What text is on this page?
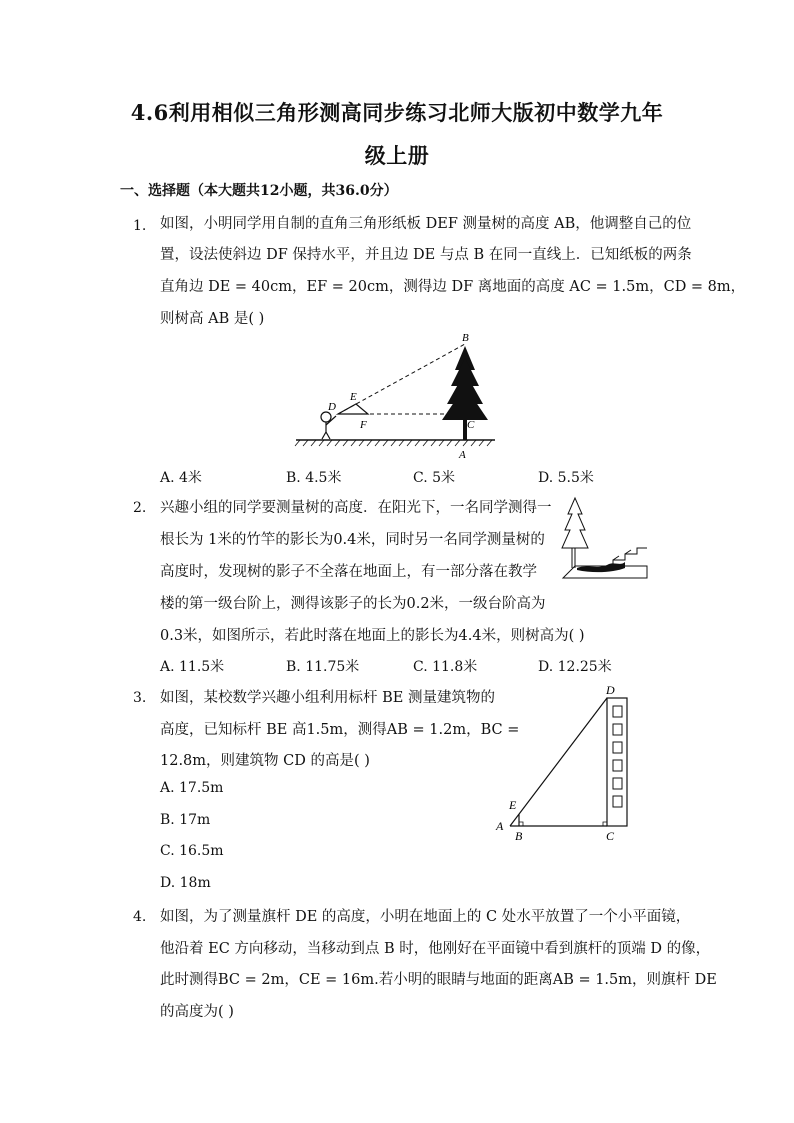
4.6利用相似三角形测高同步练习北师大版初中数学九年
级上册
一、选择题（本大题共12小题，共36.0分）
1. 如图，小明同学用自制的直角三角形纸板 DEF 测量树的高度 AB，他调整自己的位
置，设法使斜边 DF 保持水平，并且边 DE 与点 B 在同一直线上．已知纸板的两条
直角边 DE = 40cm，EF = 20cm，测得边 DF 离地面的高度 AC = 1.5m，CD = 8m，
则树高 AB 是( )
B
E
D
F	C
A
A. 4米	B. 4.5米	C. 5米	D. 5.5米
2. 兴趣小组的同学要测量树的高度．在阳光下，一名同学测得一
根长为 1米的竹竿的影长为0.4米，同时另一名同学测量树的
高度时，发现树的影子不全落在地面上，有一部分落在教学
楼的第一级台阶上，测得该影子的长为0.2米，一级台阶高为
0.3米，如图所示，若此时落在地面上的影长为4.4米，则树高为( )
A. 11.5米	B. 11.75米	C. 11.8米	D. 12.25米
3. 如图，某校数学兴趣小组利用标杆 BE 测量建筑物的
高度，已知标杆 BE 高1.5m，测得AB = 1.2m，BC =
12.8m，则建筑物 CD 的高是( )
D
E
A
B	C
A. 17.5m
B. 17m
C. 16.5m
D. 18m
4. 如图，为了测量旗杆 DE 的高度，小明在地面上的 C 处水平放置了一个小平面镜，
他沿着 EC 方向移动，当移动到点 B 时，他刚好在平面镜中看到旗杆的顶端 D 的像，
此时测得BC = 2m，CE = 16m.若小明的眼睛与地面的距离AB = 1.5m，则旗杆 DE
的高度为( )
